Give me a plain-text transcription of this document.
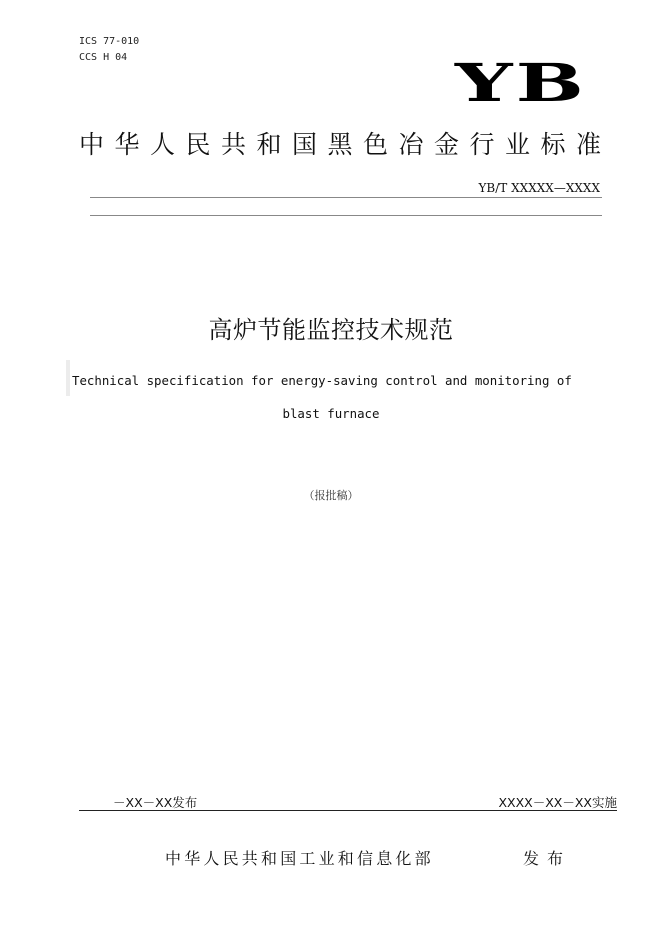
ICS 77-010
CCS H 04	YB
中华人民共和国黑色冶金行业标准
YB/T XXXXX—XXXX
高炉节能监控技术规范
Technical specification for energy-saving control and monitoring of
blast furnace
（报批稿）
－XX－XX发布	XXXX－XX－XX实施
中华人民共和国工业和信息化部	发布
